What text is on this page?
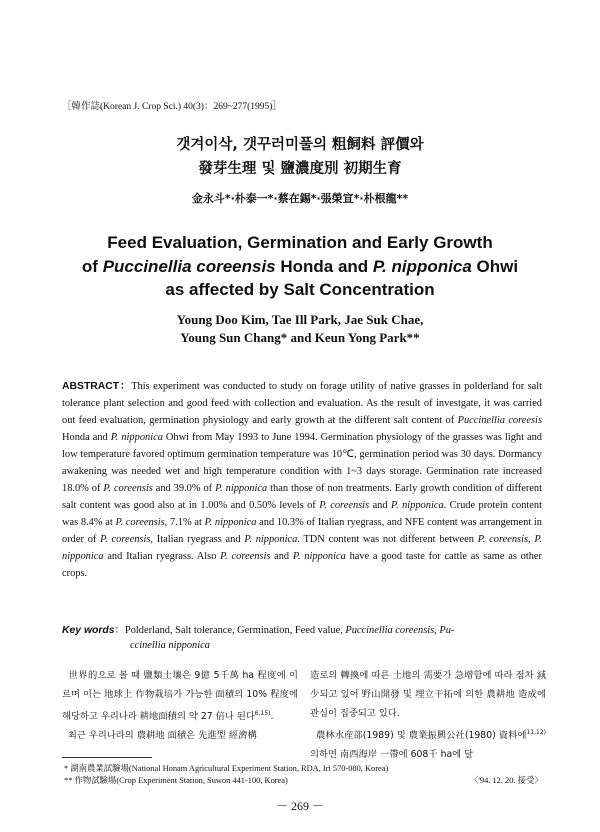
［韓作誌(Korean J. Crop Sci.) 40(3)：269~277(1995)］
갯겨이삭, 갯꾸러미풀의 粗飼料 評價와
發芽生理 및 鹽濃度別 初期生育
金永斗*·朴泰一*·蔡在錫*·張榮宣*·朴根龍**
Feed Evaluation, Germination and Early Growth
of Puccinellia coreensis Honda and P. nipponica Ohwi
as affected by Salt Concentration
Young Doo Kim, Tae Ill Park, Jae Suk Chae,
Young Sun Chang* and Keun Yong Park**
ABSTRACT：This experiment was conducted to study on forage utility of native grasses in polderland for salt tolerance plant selection and good feed with collection and evaluation. As the result of investgate, it was carried out feed evaluation, germination physiology and early growth at the different salt content of Puccinellia coreesis Honda and P. nipponica Ohwi from May 1993 to June 1994. Germination physiology of the grasses was light and low temperature favored optimum germination temperature was 10℃, germination period was 30 days. Dormancy awakening was needed wet and high temperature condition with 1~3 days storage. Germination rate increased 18.0% of P. coreensis and 39.0% of P. nipponica than those of non treatments. Early growth condition of different salt content was good also at in 1.00% and 0.50% levels of P. coreensis and P. nipponica. Crude protein content was 8.4% at P. coreensis, 7.1% at P. nipponica and 10.3% of Italian ryegrass, and NFE content was arrangement in order of P. coreensis, Italian ryegrass and P. nipponica. TDN content was not different between P. coreensis, P. nipponica and Italian ryegrass. Also P. coreensis and P. nipponica have a good taste for cattle as same as other crops.
Key words：Polderland, Salt tolerance, Germination, Feed value, Puccinellia coreensis, Pu-
ccinellia nipponica

世界的으로 볼 때 鹽類土壤은 9億 5千萬 ha 程度에 이르며 이는 地球上 作物栽培가 가능한 面積의 10% 程度에 해당하고 우리나라 耕地面積의 약 27 倍나 된다$^{6,15)}$.

최근 우리나라의 農耕地 面積은 先進型 經濟構

造로의 轉換에 따른 土地의 需要가 急增함에 따라 점차 減少되고 있어 野山開發 및 埋立干拓에 의한 農耕地 造成에 관심이 집중되고 있다.

農林水産部(1989) 및 農業振興公社(1980) 資料에$^{11,12)}$ 의하면 南西海岸 一帶에 608千 ha에 달

* 湖南農業試驗場(National Honam Agricultural Experiment Station, RDA, Iri 570-080, Korea)
** 作物試驗場(Crop Experiment Station, Suwon 441-100, Korea)	〈'94. 12. 20. 接受〉
－ 269 －
